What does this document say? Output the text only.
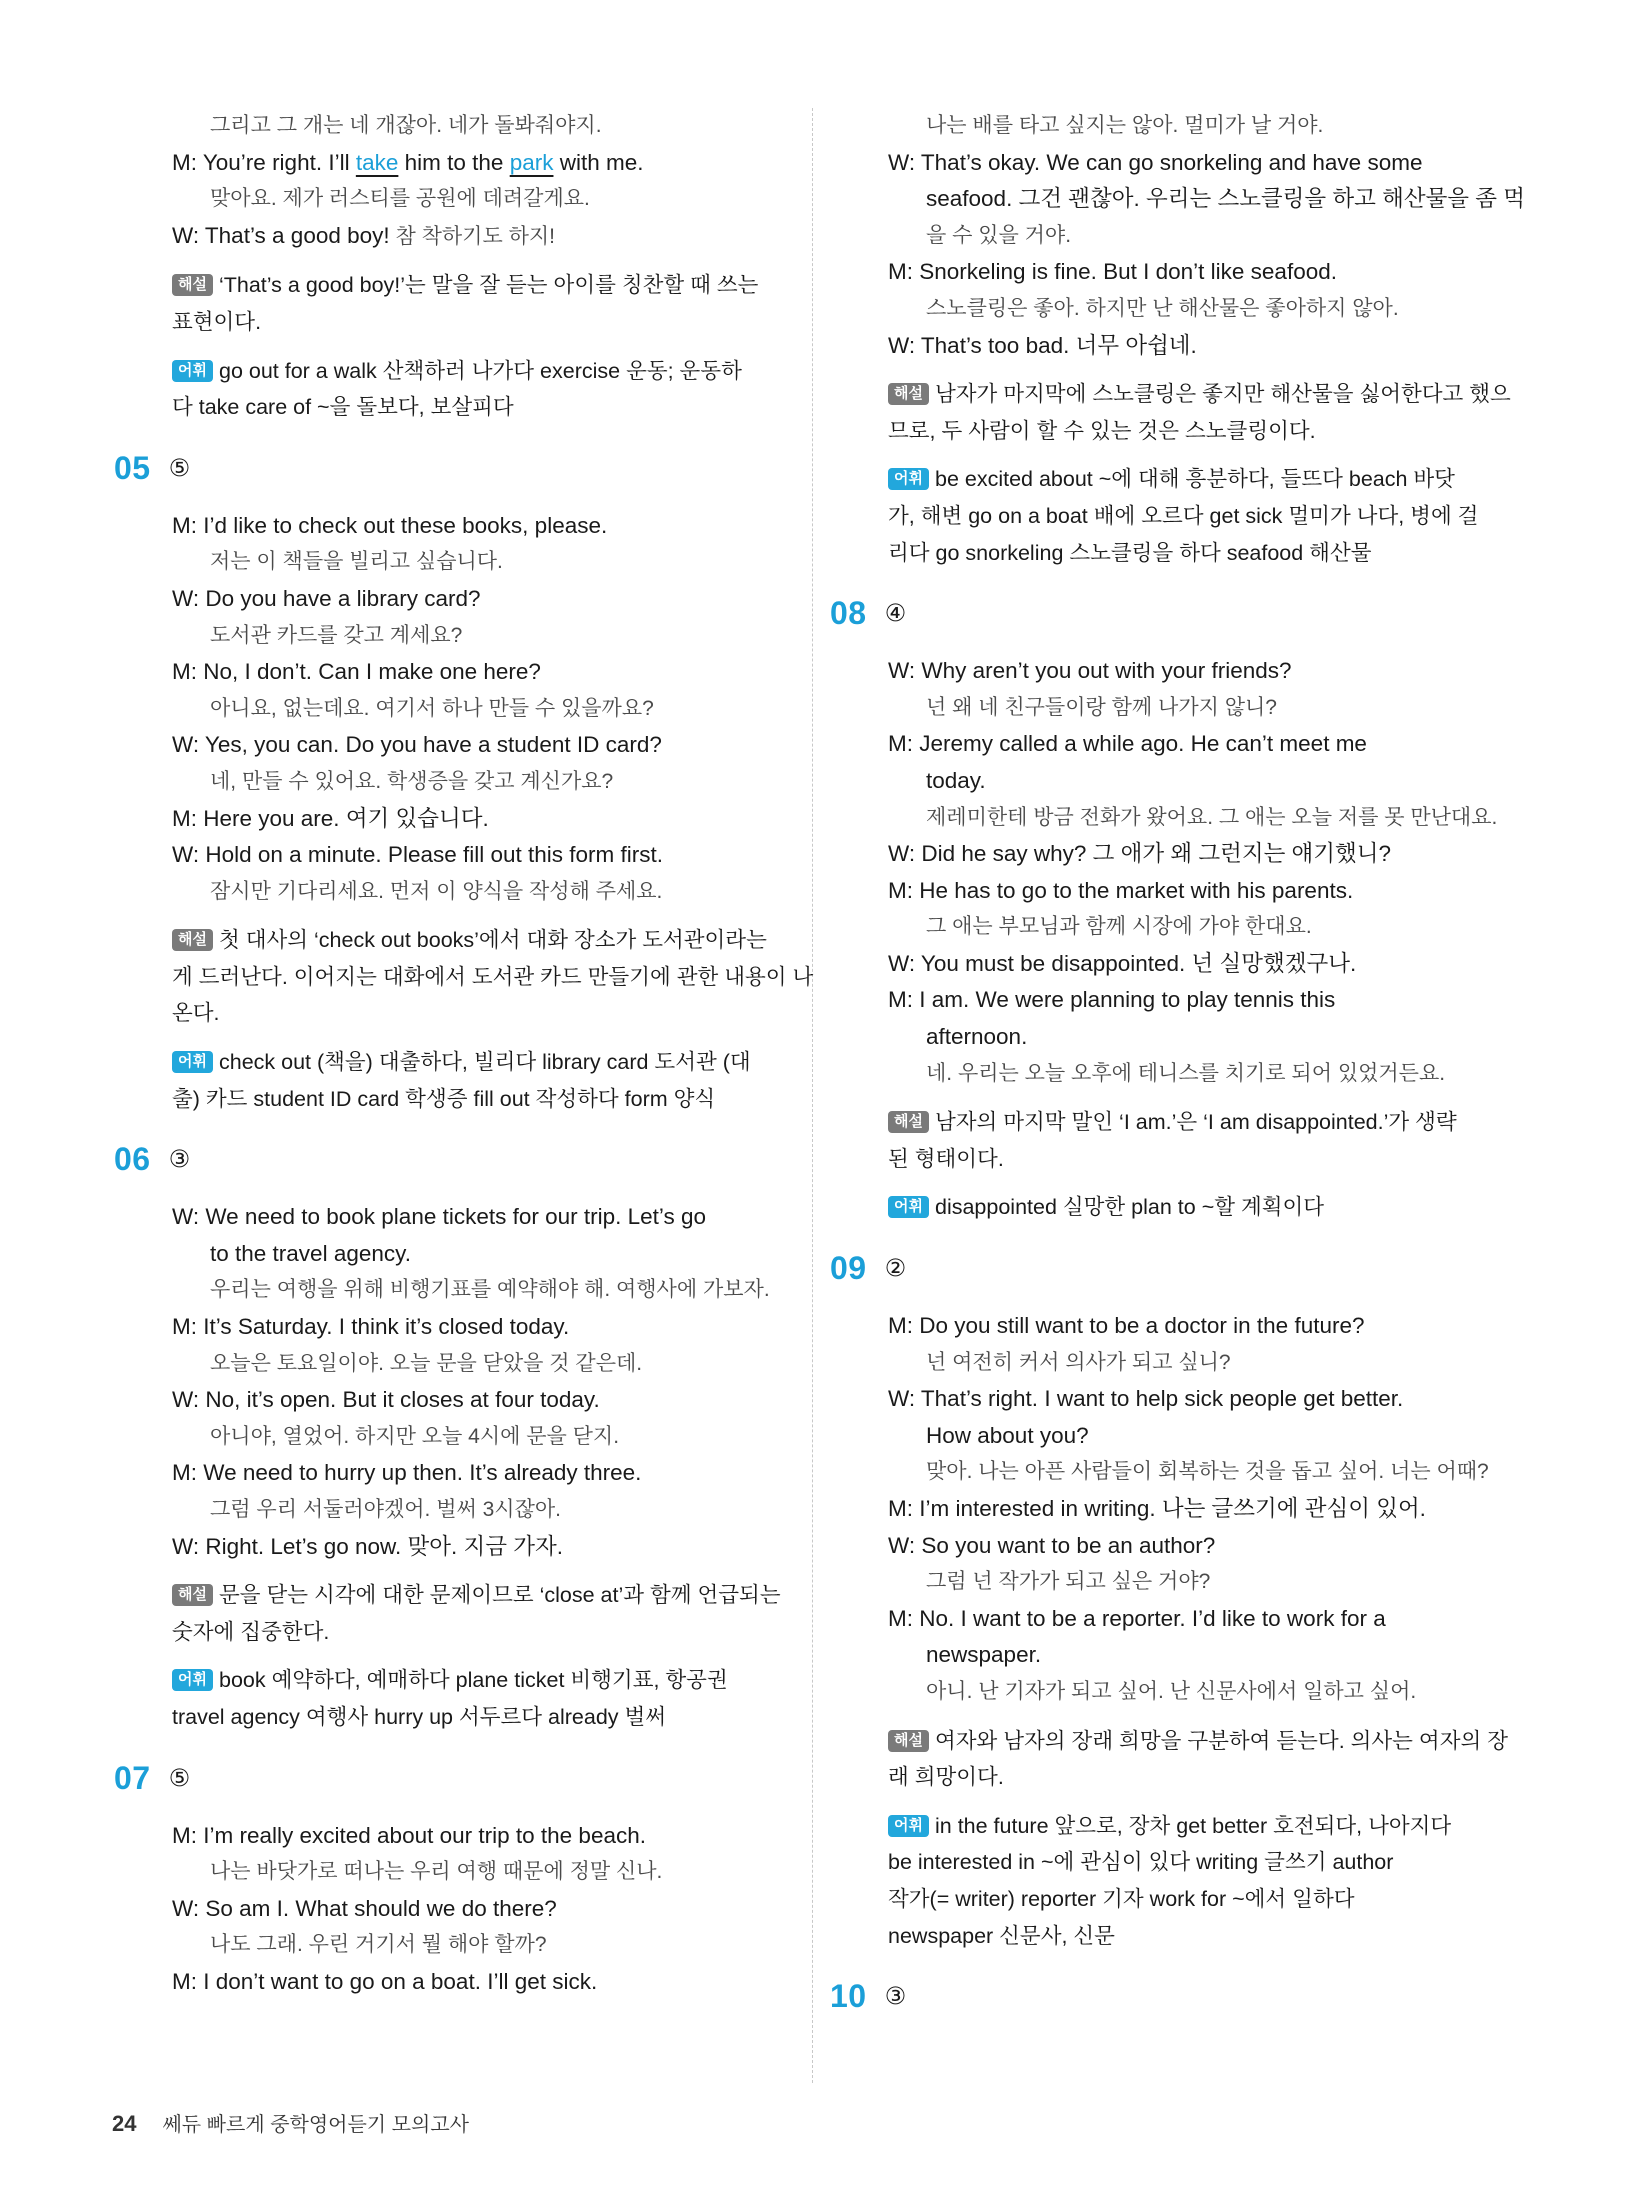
그리고 그 개는 네 개잖아. 네가 돌봐줘야지.
M: You’re right. I’ll take him to the park with me.
맞아요. 제가 러스티를 공원에 데려갈게요.
W: That’s a good boy! 참 착하기도 하지!
해설 ‘That’s a good boy!’는 말을 잘 듣는 아이를 칭찬할 때 쓰는
표현이다.
어휘 go out for a walk 산책하러 나가다 exercise 운동; 운동하
다 take care of ~을 돌보다, 보살피다
05 ⑤
M: I’d like to check out these books, please.
저는 이 책들을 빌리고 싶습니다.
W: Do you have a library card?
도서관 카드를 갖고 계세요?
M: No, I don’t. Can I make one here?
아니요, 없는데요. 여기서 하나 만들 수 있을까요?
W: Yes, you can. Do you have a student ID card?
네, 만들 수 있어요. 학생증을 갖고 계신가요?
M: Here you are. 여기 있습니다.
W: Hold on a minute. Please fill out this form first.
잠시만 기다리세요. 먼저 이 양식을 작성해 주세요.
해설 첫 대사의 ‘check out books’에서 대화 장소가 도서관이라는
게 드러난다. 이어지는 대화에서 도서관 카드 만들기에 관한 내용이 나
온다.
어휘 check out (책을) 대출하다, 빌리다 library card 도서관 (대
출) 카드 student ID card 학생증 fill out 작성하다 form 양식
06 ③
W: We need to book plane tickets for our trip. Let’s go
to the travel agency.
우리는 여행을 위해 비행기표를 예약해야 해. 여행사에 가보자.
M: It’s Saturday. I think it’s closed today.
오늘은 토요일이야. 오늘 문을 닫았을 것 같은데.
W: No, it’s open. But it closes at four today.
아니야, 열었어. 하지만 오늘 4시에 문을 닫지.
M: We need to hurry up then. It’s already three.
그럼 우리 서둘러야겠어. 벌써 3시잖아.
W: Right. Let’s go now. 맞아. 지금 가자.
해설 문을 닫는 시각에 대한 문제이므로 ‘close at’과 함께 언급되는
숫자에 집중한다.
어휘 book 예약하다, 예매하다 plane ticket 비행기표, 항공권
travel agency 여행사 hurry up 서두르다 already 벌써
07 ⑤
M: I’m really excited about our trip to the beach.
나는 바닷가로 떠나는 우리 여행 때문에 정말 신나.
W: So am I. What should we do there?
나도 그래. 우린 거기서 뭘 해야 할까?
M: I don’t want to go on a boat. I’ll get sick.
나는 배를 타고 싶지는 않아. 멀미가 날 거야.
W: That’s okay. We can go snorkeling and have some
seafood. 그건 괜찮아. 우리는 스노클링을 하고 해산물을 좀 먹
을 수 있을 거야.
M: Snorkeling is fine. But I don’t like seafood.
스노클링은 좋아. 하지만 난 해산물은 좋아하지 않아.
W: That’s too bad. 너무 아쉽네.
해설 남자가 마지막에 스노클링은 좋지만 해산물을 싫어한다고 했으
므로, 두 사람이 할 수 있는 것은 스노클링이다.
어휘 be excited about ~에 대해 흥분하다, 들뜨다 beach 바닷
가, 해변 go on a boat 배에 오르다 get sick 멀미가 나다, 병에 걸
리다 go snorkeling 스노클링을 하다 seafood 해산물
08 ④
W: Why aren’t you out with your friends?
넌 왜 네 친구들이랑 함께 나가지 않니?
M: Jeremy called a while ago. He can’t meet me
today.
제레미한테 방금 전화가 왔어요. 그 애는 오늘 저를 못 만난대요.
W: Did he say why? 그 애가 왜 그런지는 얘기했니?
M: He has to go to the market with his parents.
그 애는 부모님과 함께 시장에 가야 한대요.
W: You must be disappointed. 넌 실망했겠구나.
M: I am. We were planning to play tennis this
afternoon.
네. 우리는 오늘 오후에 테니스를 치기로 되어 있었거든요.
해설 남자의 마지막 말인 ‘I am.’은 ‘I am disappointed.’가 생략
된 형태이다.
어휘 disappointed 실망한 plan to ~할 계획이다
09 ②
M: Do you still want to be a doctor in the future?
넌 여전히 커서 의사가 되고 싶니?
W: That’s right. I want to help sick people get better.
How about you?
맞아. 나는 아픈 사람들이 회복하는 것을 돕고 싶어. 너는 어때?
M: I’m interested in writing. 나는 글쓰기에 관심이 있어.
W: So you want to be an author?
그럼 넌 작가가 되고 싶은 거야?
M: No. I want to be a reporter. I’d like to work for a
newspaper.
아니. 난 기자가 되고 싶어. 난 신문사에서 일하고 싶어.
해설 여자와 남자의 장래 희망을 구분하여 듣는다. 의사는 여자의 장
래 희망이다.
어휘 in the future 앞으로, 장차 get better 호전되다, 나아지다
be interested in ~에 관심이 있다 writing 글쓰기 author
작가(= writer) reporter 기자 work for ~에서 일하다
newspaper 신문사, 신문
10 ③
24 쎄듀 빠르게 중학영어듣기 모의고사
